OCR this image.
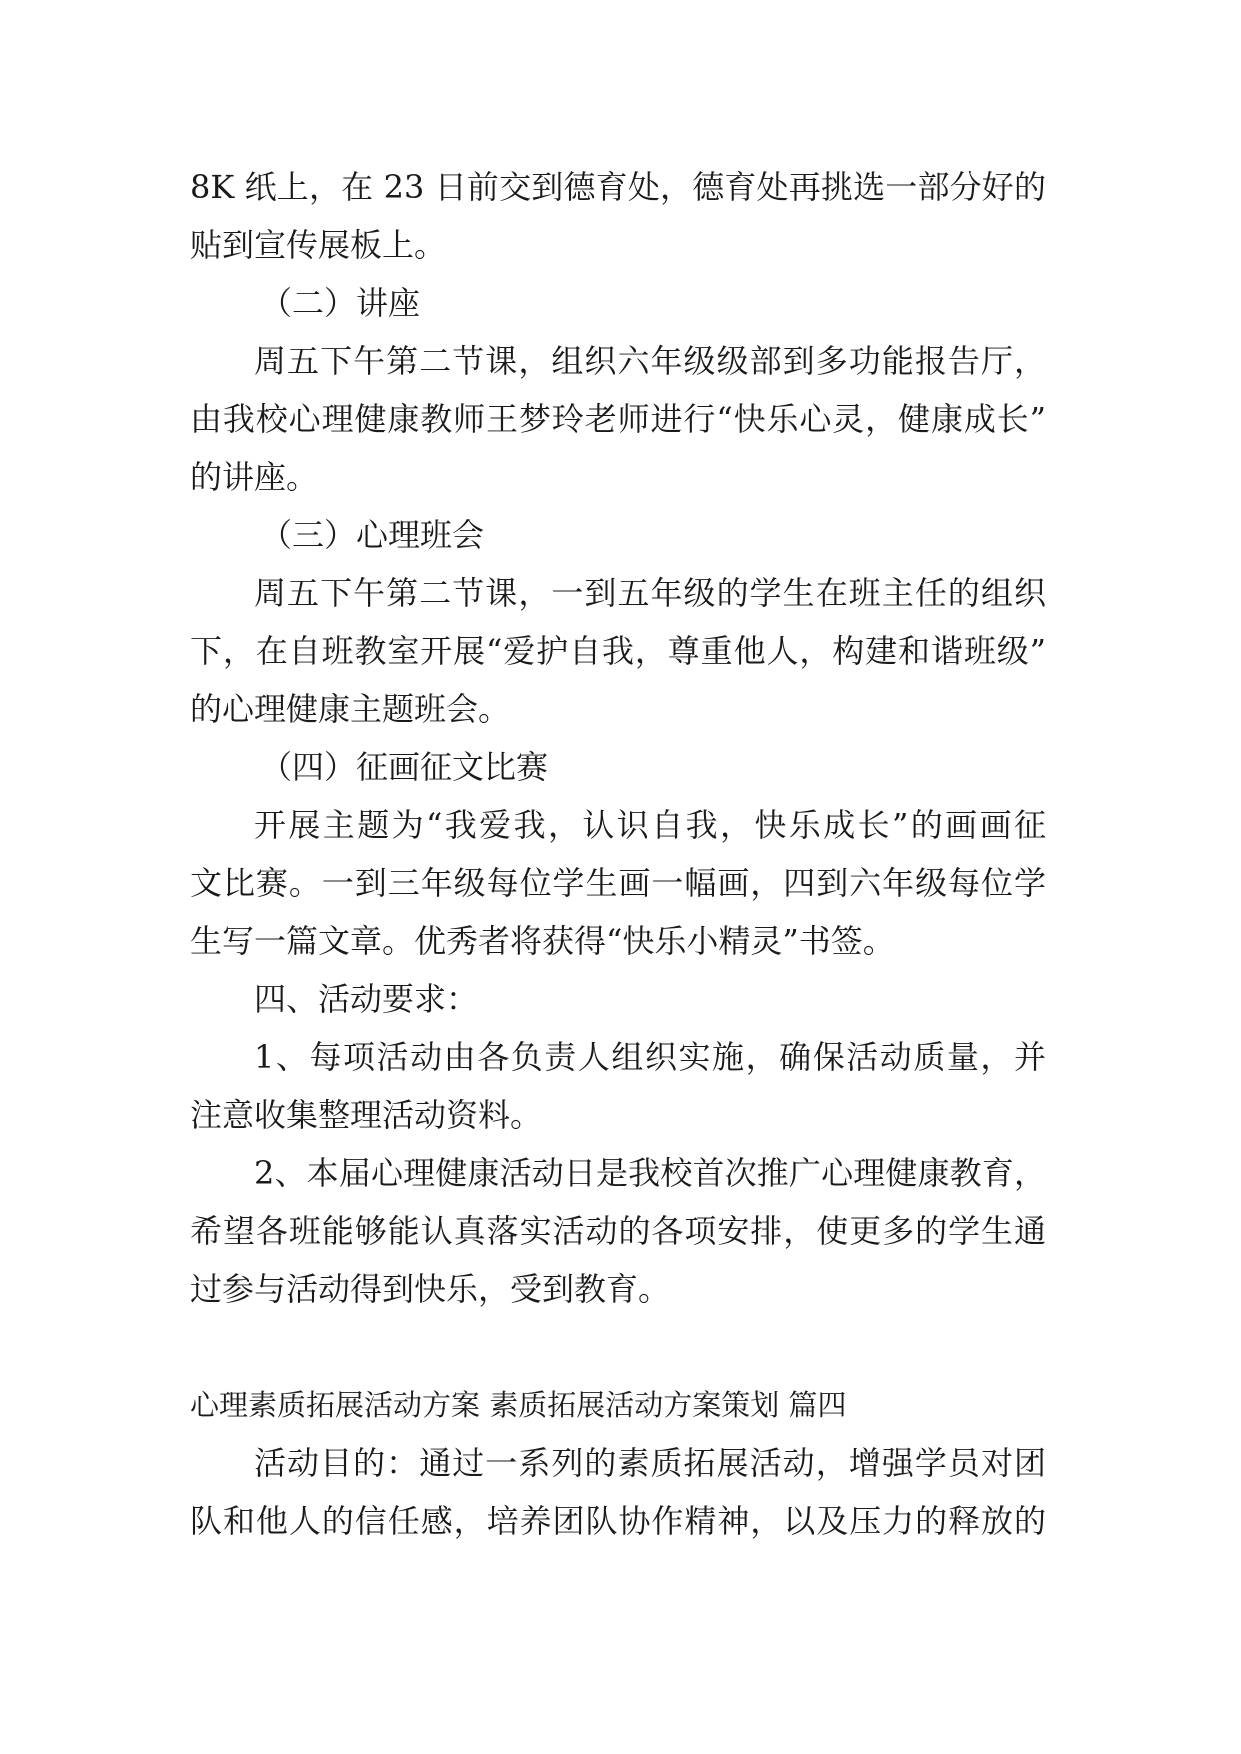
8K 纸上，在 23 日前交到德育处，德育处再挑选一部分好的

贴到宣传展板上。

（二）讲座

周五下午第二节课，组织六年级级部到多功能报告厅，

由我校心理健康教师王梦玲老师进行“快乐心灵，健康成长”

的讲座。

（三）心理班会

周五下午第二节课，一到五年级的学生在班主任的组织

下，在自班教室开展“爱护自我，尊重他人，构建和谐班级”

的心理健康主题班会。

（四）征画征文比赛

开展主题为“我爱我，认识自我，快乐成长”的画画征

文比赛。一到三年级每位学生画一幅画，四到六年级每位学

生写一篇文章。优秀者将获得“快乐小精灵”书签。

四、活动要求：

1、每项活动由各负责人组织实施，确保活动质量，并

注意收集整理活动资料。

2、本届心理健康活动日是我校首次推广心理健康教育，

希望各班能够能认真落实活动的各项安排，使更多的学生通

过参与活动得到快乐，受到教育。

心理素质拓展活动方案 素质拓展活动方案策划 篇四

活动目的：通过一系列的素质拓展活动，增强学员对团

队和他人的信任感，培养团队协作精神，以及压力的释放的
